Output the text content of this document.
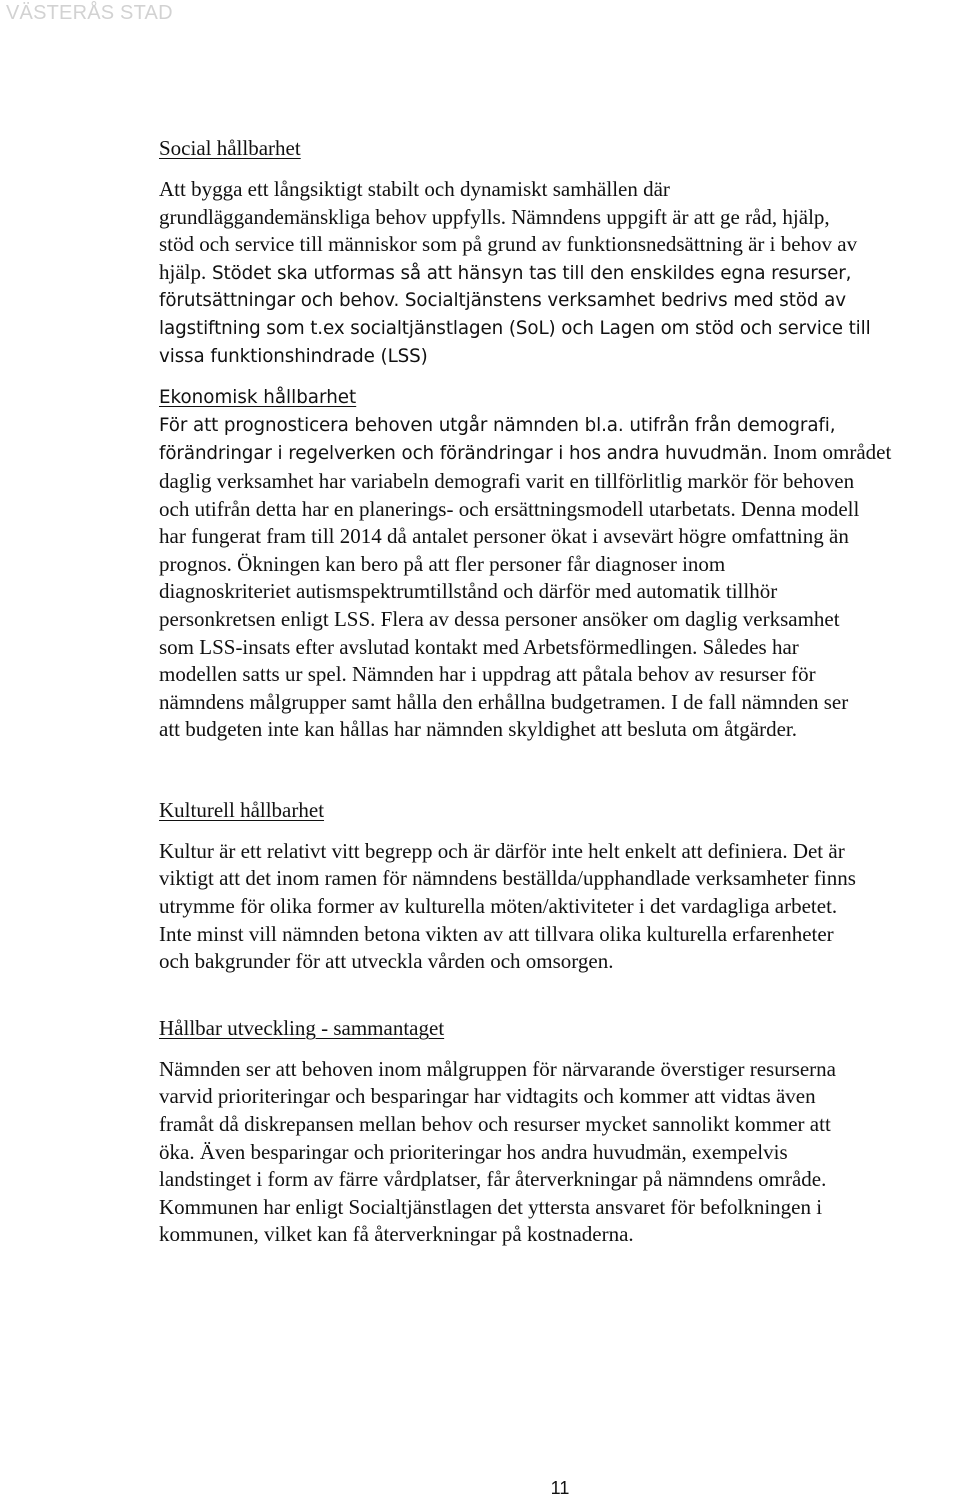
VÄSTERÅS STAD
Social hållbarhet

Att bygga ett långsiktigt stabilt och dynamiskt samhällen där
grundläggandemänskliga behov uppfylls. Nämndens uppgift är att ge råd, hjälp,
stöd och service till människor som på grund av funktionsnedsättning är i behov av
hjälp. Stödet ska utformas så att hänsyn tas till den enskildes egna resurser,
förutsättningar och behov. Socialtjänstens verksamhet bedrivs med stöd av
lagstiftning som t.ex socialtjänstlagen (SoL) och Lagen om stöd och service till
vissa funktionshindrade (LSS)

Ekonomisk hållbarhet

För att prognosticera behoven utgår nämnden bl.a. utifrån från demografi,
förändringar i regelverken och förändringar i hos andra huvudmän. Inom området
daglig verksamhet har variabeln demografi varit en tillförlitlig markör för behoven
och utifrån detta har en planerings- och ersättningsmodell utarbetats. Denna modell
har fungerat fram till 2014 då antalet personer ökat i avsevärt högre omfattning än
prognos. Ökningen kan bero på att fler personer får diagnoser inom
diagnoskriteriet autismspektrumtillstånd och därför med automatik tillhör
personkretsen enligt LSS. Flera av dessa personer ansöker om daglig verksamhet
som LSS-insats efter avslutad kontakt med Arbetsförmedlingen. Således har
modellen satts ur spel. Nämnden har i uppdrag att påtala behov av resurser för
nämndens målgrupper samt hålla den erhållna budgetramen. I de fall nämnden ser
att budgeten inte kan hållas har nämnden skyldighet att besluta om åtgärder.

Kulturell hållbarhet

Kultur är ett relativt vitt begrepp och är därför inte helt enkelt att definiera. Det är
viktigt att det inom ramen för nämndens beställda/upphandlade verksamheter finns
utrymme för olika former av kulturella möten/aktiviteter i det vardagliga arbetet.
Inte minst vill nämnden betona vikten av att tillvara olika kulturella erfarenheter
och bakgrunder för att utveckla vården och omsorgen.

Hållbar utveckling - sammantaget

Nämnden ser att behoven inom målgruppen för närvarande överstiger resurserna
varvid prioriteringar och besparingar har vidtagits och kommer att vidtas även
framåt då diskrepansen mellan behov och resurser mycket sannolikt kommer att
öka. Även besparingar och prioriteringar hos andra huvudmän, exempelvis
landstinget i form av färre vårdplatser, får återverkningar på nämndens område.
Kommunen har enligt Socialtjänstlagen det yttersta ansvaret för befolkningen i
kommunen, vilket kan få återverkningar på kostnaderna.

11
